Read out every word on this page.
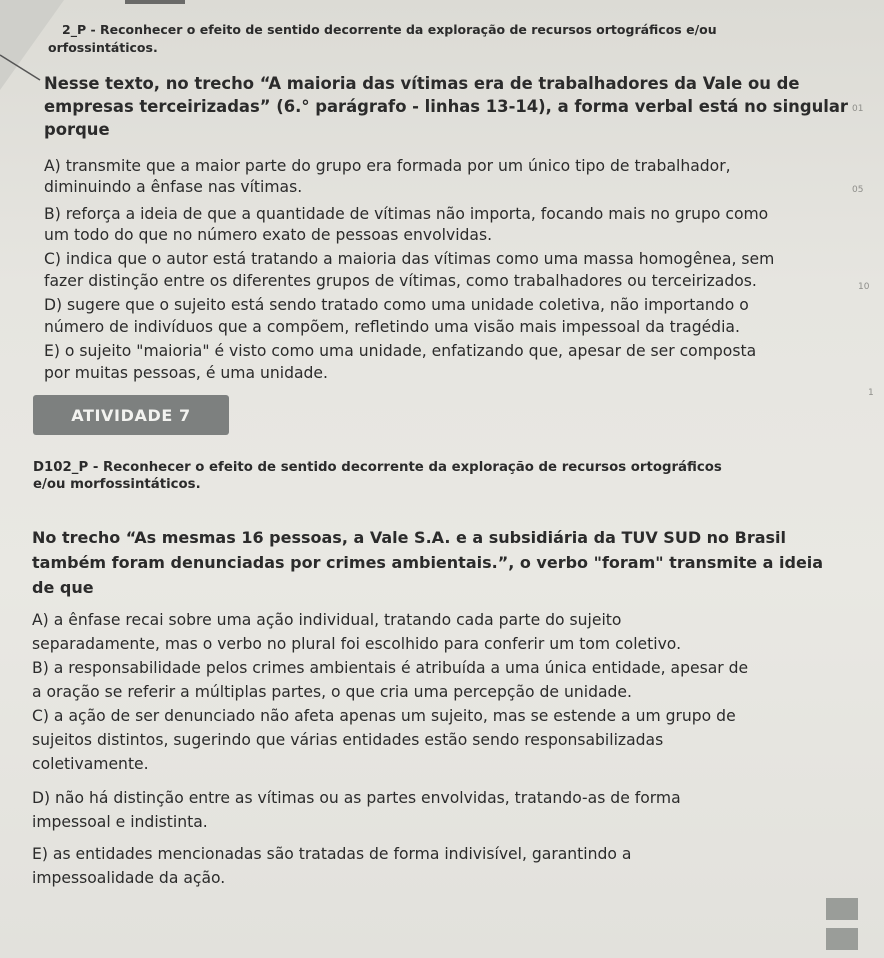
2_P - Reconhecer o efeito de sentido decorrente da exploração de recursos ortográficos e/ou
orfossintáticos.
Nesse texto, no trecho “A maioria das vítimas era de trabalhadores da Vale ou de
empresas terceirizadas” (6.° parágrafo - linhas 13-14), a forma verbal está no singular
porque
A) transmite que a maior parte do grupo era formada por um único tipo de trabalhador,
diminuindo a ênfase nas vítimas.
B) reforça a ideia de que a quantidade de vítimas não importa, focando mais no grupo como
um todo do que no número exato de pessoas envolvidas.
C) indica que o autor está tratando a maioria das vítimas como uma massa homogênea, sem
fazer distinção entre os diferentes grupos de vítimas, como trabalhadores ou terceirizados.
D) sugere que o sujeito está sendo tratado como uma unidade coletiva, não importando o
número de indivíduos que a compõem, refletindo uma visão mais impessoal da tragédia.
E) o sujeito "maioria" é visto como uma unidade, enfatizando que, apesar de ser composta
por muitas pessoas, é uma unidade.
01
05
10
1
ATIVIDADE 7
D102_P - Reconhecer o efeito de sentido decorrente da exploração de recursos ortográficos
e/ou morfossintáticos.
No trecho “As mesmas 16 pessoas, a Vale S.A. e a subsidiária da TUV SUD no Brasil
também foram denunciadas por crimes ambientais.”, o verbo "foram" transmite a ideia
de que
A) a ênfase recai sobre uma ação individual, tratando cada parte do sujeito
separadamente, mas o verbo no plural foi escolhido para conferir um tom coletivo.
B) a responsabilidade pelos crimes ambientais é atribuída a uma única entidade, apesar de
a oração se referir a múltiplas partes, o que cria uma percepção de unidade.
C) a ação de ser denunciado não afeta apenas um sujeito, mas se estende a um grupo de
sujeitos distintos, sugerindo que várias entidades estão sendo responsabilizadas
coletivamente.
D) não há distinção entre as vítimas ou as partes envolvidas, tratando-as de forma
impessoal e indistinta.
E) as entidades mencionadas são tratadas de forma indivisível, garantindo a
impessoalidade da ação.
